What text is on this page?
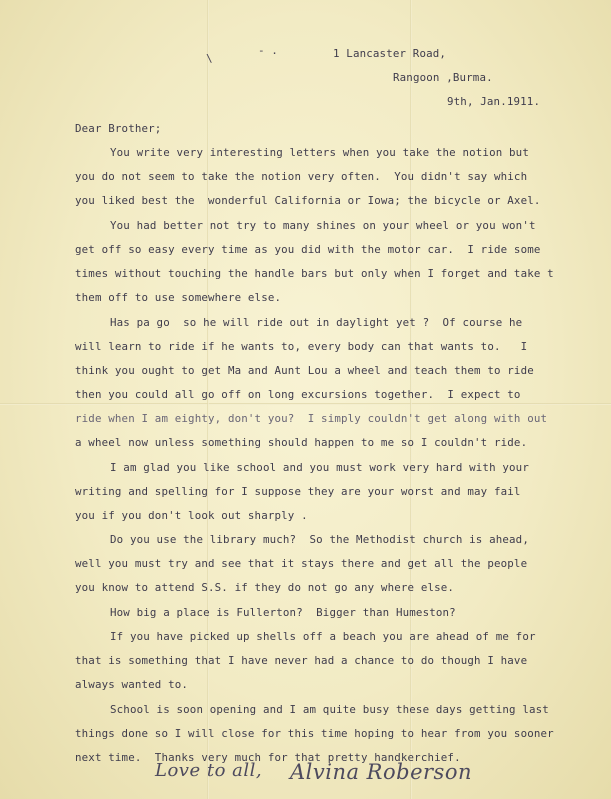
\
- .	1 Lancaster Road,
Rangoon ,Burma.
9th, Jan.1911.
Dear Brother;
You write very interesting letters when you take the notion but
you do not seem to take the notion very often.  You didn't say which
you liked best the  wonderful California or Iowa; the bicycle or Axel.
You had better not try to many shines on your wheel or you won't
get off so easy every time as you did with the motor car.  I ride some
times without touching the handle bars but only when I forget and take t
them off to use somewhere else.
Has pa go  so he will ride out in daylight yet ?  Of course he
will learn to ride if he wants to, every body can that wants to.   I
think you ought to get Ma and Aunt Lou a wheel and teach them to ride
then you could all go off on long excursions together.  I expect to
ride when I am eighty, don't you?  I simply couldn't get along with out
a wheel now unless something should happen to me so I couldn't ride.
I am glad you like school and you must work very hard with your
writing and spelling for I suppose they are your worst and may fail
you if you don't look out sharply .
Do you use the library much?  So the Methodist church is ahead,
well you must try and see that it stays there and get all the people
you know to attend S.S. if they do not go any where else.
How big a place is Fullerton?  Bigger than Humeston?
If you have picked up shells off a beach you are ahead of me for
that is something that I have never had a chance to do though I have
always wanted to.
School is soon opening and I am quite busy these days getting last
things done so I will close for this time hoping to hear from you sooner
next time.  Thanks very much for that pretty handkerchief.
Love to all, Alvina Roberson
